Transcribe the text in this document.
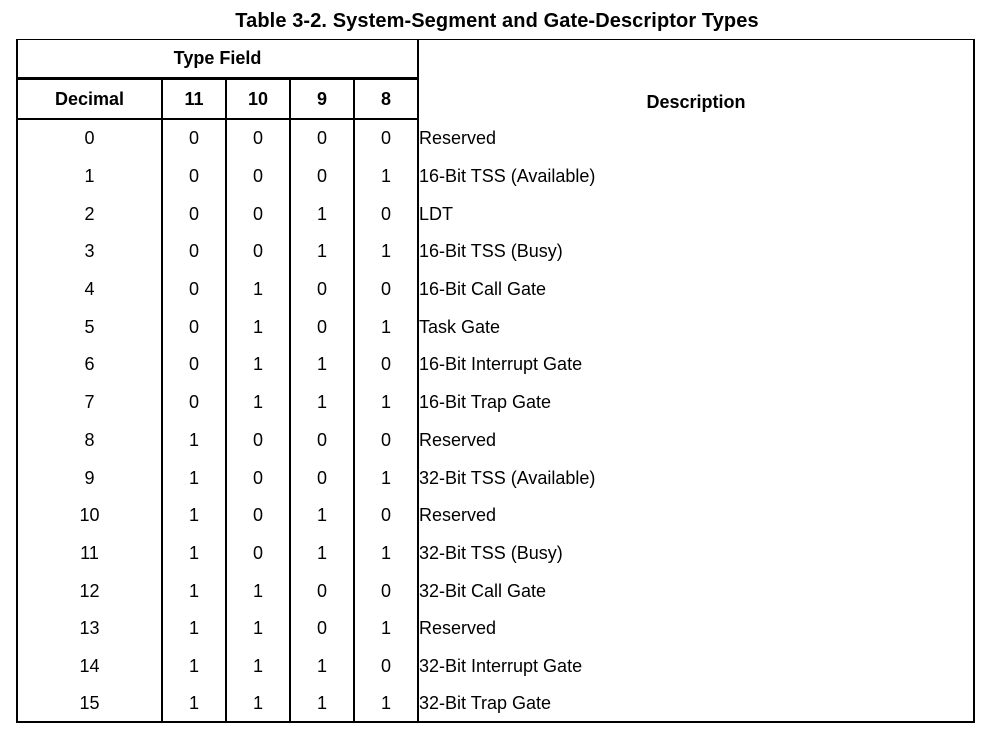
Table 3-2. System-Segment and Gate-Descriptor Types
Type Field					Description
Decimal	11	10	9	8	
0	0	0	0	0	Reserved
1	0	0	0	1	16-Bit TSS (Available)
2	0	0	1	0	LDT
3	0	0	1	1	16-Bit TSS (Busy)
4	0	1	0	0	16-Bit Call Gate
5	0	1	0	1	Task Gate
6	0	1	1	0	16-Bit Interrupt Gate
7	0	1	1	1	16-Bit Trap Gate
8	1	0	0	0	Reserved
9	1	0	0	1	32-Bit TSS (Available)
10	1	0	1	0	Reserved
11	1	0	1	1	32-Bit TSS (Busy)
12	1	1	0	0	32-Bit Call Gate
13	1	1	0	1	Reserved
14	1	1	1	0	32-Bit Interrupt Gate
15	1	1	1	1	32-Bit Trap Gate
